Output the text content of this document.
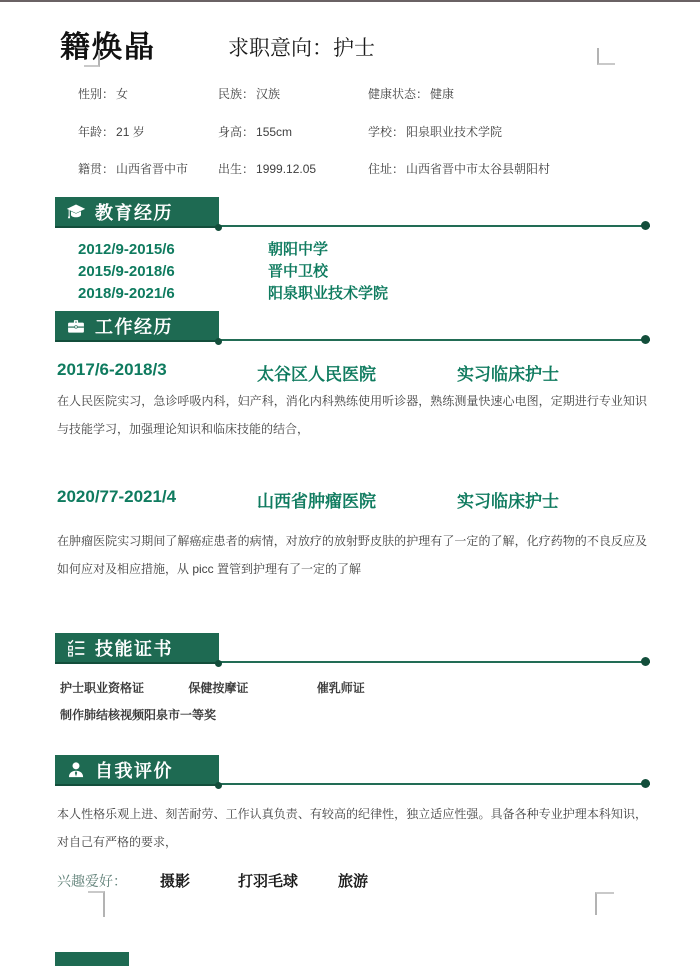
籍焕晶	求职意向：护士
性别： 女	民族： 汉族	健康状态： 健康
年龄： 21 岁	身高： 155cm	学校： 阳泉职业技术学院
籍贯： 山西省晋中市	出生： 1999.12.05	住址： 山西省晋中市太谷县朝阳村
教育经历
2012/9-2015/6	朝阳中学
2015/9-2018/6	晋中卫校
2018/9-2021/6	阳泉职业技术学院
工作经历
2017/6-2018/3	太谷区人民医院	实习临床护士
在人民医院实习，急诊呼吸内科，妇产科，消化内科熟练使用听诊器，熟练测量快速心电图，定期进行专业知识与技能学习，加强理论知识和临床技能的结合，
2020/77-2021/4	山西省肿瘤医院	实习临床护士
在肿瘤医院实习期间了解癌症患者的病情，对放疗的放射野皮肤的护理有了一定的了解，化疗药物的不良反应及如何应对及相应措施，从 picc 置管到护理有了一定的了解
技能证书
护士职业资格证	保健按摩证	催乳师证
制作肺结核视频阳泉市一等奖
自我评价
本人性格乐观上进、刻苦耐劳、工作认真负责、有较高的纪律性，独立适应性强。具备各种专业护理本科知识，对自己有严格的要求，
兴趣爱好：	摄影	打羽毛球	旅游
